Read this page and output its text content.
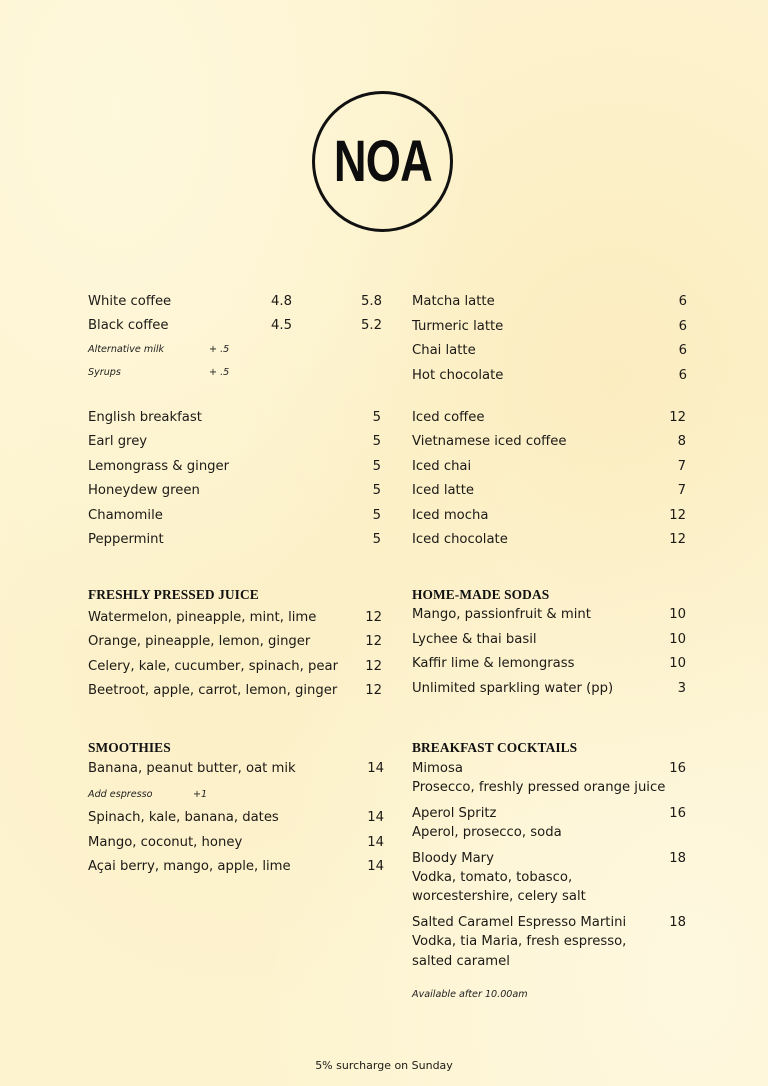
NOA
White coffee	4.8	5.8
Black coffee	4.5	5.2
Alternative milk	+ .5
Syrups	+ .5
Matcha latte	6
Turmeric latte	6
Chai latte	6
Hot chocolate	6
English breakfast	5
Earl grey	5
Lemongrass & ginger	5
Honeydew green	5
Chamomile	5
Peppermint	5
Iced coffee	12
Vietnamese iced coffee	8
Iced chai	7
Iced latte	7
Iced mocha	12
Iced chocolate	12
FRESHLY PRESSED JUICE
Watermelon, pineapple, mint, lime	12
Orange, pineapple, lemon, ginger	12
Celery, kale, cucumber, spinach, pear	12
Beetroot, apple, carrot, lemon, ginger	12
HOME-MADE SODAS
Mango, passionfruit & mint	10
Lychee & thai basil	10
Kaffir lime & lemongrass	10
Unlimited sparkling water (pp)	3
SMOOTHIES
Banana, peanut butter, oat mik	14
Add espresso	+1
Spinach, kale, banana, dates	14
Mango, coconut, honey	14
Açai berry, mango, apple, lime	14
BREAKFAST COCKTAILS
Mimosa	16
Prosecco, freshly pressed orange juice
Aperol Spritz	16
Aperol, prosecco, soda
Bloody Mary	18
Vodka, tomato, tobasco,
worcestershire, celery salt
Salted Caramel Espresso Martini	18
Vodka, tia Maria, fresh espresso,
salted caramel
Available after 10.00am
5% surcharge on Sunday
